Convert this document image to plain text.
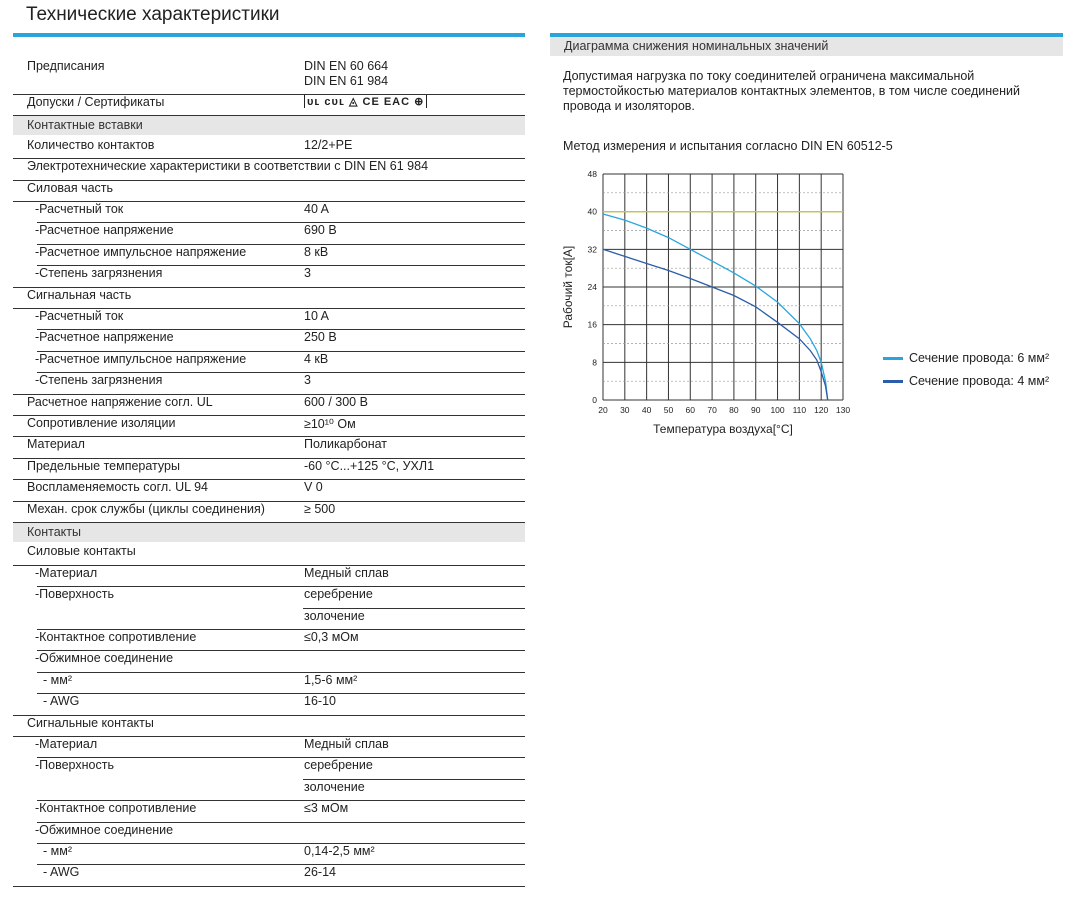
Технические характеристики
Предписания	DIN EN 60 664
DIN EN 61 984
Допуски / Сертификаты	ᴜʟ ᴄᴜʟ ◬ CE EAC ⊕
Контактные вставки
Количество контактов	12/2+PE
Электротехнические характеристики в соответствии с DIN EN 61 984
Силовая часть
-Расчетный ток	40 A
-Расчетное напряжение	690 В
-Расчетное импульсное напряжение	8 кВ
-Степень загрязнения	3
Сигнальная часть
-Расчетный ток	10 A
-Расчетное напряжение	250 В
-Расчетное импульсное напряжение	4 кВ
-Степень загрязнения	3
Расчетное напряжение согл. UL	600 / 300 В
Сопротивление изоляции	≥10¹⁰ Ом
Материал	Поликарбонат
Предельные температуры	-60 °C...+125 °C, УХЛ1
Воспламеняемость согл. UL 94	V 0
Механ. срок службы (циклы соединения)	≥ 500
Контакты
Силовые контакты
-Материал	Медный сплав
-Поверхность	серебрение
золочение
-Контактное сопротивление	≤0,3 мОм
-Обжимное соединение
- мм²	1,5-6 мм²
- AWG	16-10
Сигнальные контакты
-Материал	Медный сплав
-Поверхность	серебрение
золочение
-Контактное сопротивление	≤3 мОм
-Обжимное соединение
- мм²	0,14-2,5 мм²
- AWG	26-14
Диаграмма снижения номинальных значений
Допустимая нагрузка по току соединителей ограничена максимальной
термостойкостью материалов контактных элементов, в том числе соединений
провода и изоляторов.
Метод измерения и испытания согласно DIN EN 60512-5
20 30 40 50 60 70 80 90 100 110 120 130
0
8
16
24
32
40
48
Температура воздуха[°C]
Рабочий ток[A]
Сечение провода: 6 мм²
Сечение провода: 4 мм²
